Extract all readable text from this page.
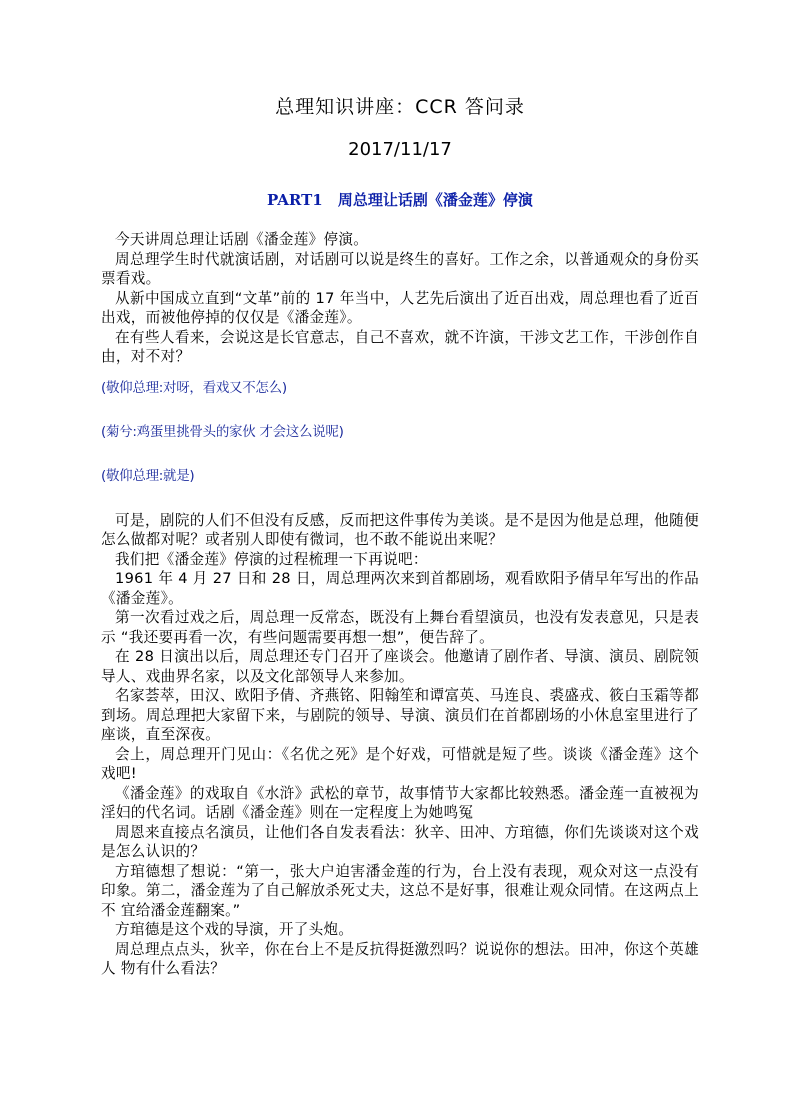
总理知识讲座：CCR 答问录
2017/11/17
PART1 周总理让话剧《潘金莲》停演

今天讲周总理让话剧《潘金莲》停演。

周总理学生时代就演话剧，对话剧可以说是终生的喜好。工作之余，以普通观众的身份买票看戏。

从新中国成立直到“文革”前的 17 年当中，人艺先后演出了近百出戏，周总理也看了近百出戏，而被他停掉的仅仅是《潘金莲》。

在有些人看来，会说这是长官意志，自己不喜欢，就不许演，干涉文艺工作，干涉创作自由，对不对？

(敬仰总理:对呀，看戏又不怎么)

(菊兮:鸡蛋里挑骨头的家伙 才会这么说呢)

(敬仰总理:就是)

可是，剧院的人们不但没有反感，反而把这件事传为美谈。是不是因为他是总理，他随便怎么做都对呢？或者别人即使有微词，也不敢不能说出来呢？

我们把《潘金莲》停演的过程梳理一下再说吧：

1961 年 4 月 27 日和 28 日，周总理两次来到首都剧场，观看欧阳予倩早年写出的作品《潘金莲》。

第一次看过戏之后，周总理一反常态，既没有上舞台看望演员，也没有发表意见，只是表示 “我还要再看一次，有些问题需要再想一想”，便告辞了。

在 28 日演出以后，周总理还专门召开了座谈会。他邀请了剧作者、导演、演员、剧院领导人、戏曲界名家，以及文化部领导人来参加。

名家荟萃，田汉、欧阳予倩、齐燕铭、阳翰笙和谭富英、马连良、裘盛戎、筱白玉霜等都到场。周总理把大家留下来，与剧院的领导、导演、演员们在首都剧场的小休息室里进行了座谈，直至深夜。

会上，周总理开门见山：《名优之死》是个好戏，可惜就是短了些。谈谈《潘金莲》这个戏吧!

《潘金莲》的戏取自《水浒》武松的章节，故事情节大家都比较熟悉。潘金莲一直被视为淫妇的代名词。话剧《潘金莲》则在一定程度上为她鸣冤

周恩来直接点名演员，让他们各自发表看法：狄辛、田冲、方琯德，你们先谈谈对这个戏是怎么认识的？

方琯德想了想说：“第一，张大户迫害潘金莲的行为，台上没有表现，观众对这一点没有印象。第二，潘金莲为了自己解放杀死丈夫，这总不是好事，很难让观众同情。在这两点上不 宜给潘金莲翻案。”

方琯德是这个戏的导演，开了头炮。

周总理点点头，狄辛，你在台上不是反抗得挺激烈吗？说说你的想法。田冲，你这个英雄人 物有什么看法？
